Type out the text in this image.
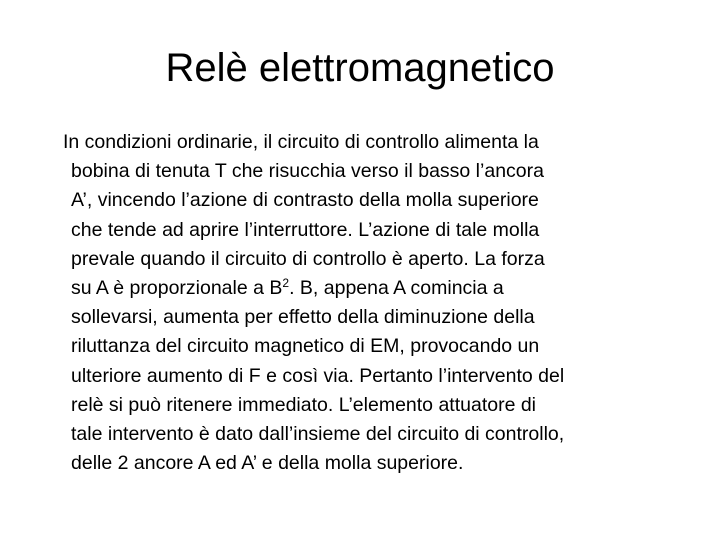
Relè elettromagnetico
In condizioni ordinarie, il circuito di controllo alimenta la
bobina di tenuta T che risucchia verso il basso l’ancora
A’, vincendo l’azione di contrasto della molla superiore
che tende ad aprire l’interruttore. L’azione di tale molla
prevale quando il circuito di controllo è aperto. La forza
su A è proporzionale a $B^2$. B, appena A comincia a
sollevarsi, aumenta per effetto della diminuzione della
riluttanza del circuito magnetico di EM, provocando un
ulteriore aumento di F e così via. Pertanto l’intervento del
relè si può ritenere immediato. L’elemento attuatore di
tale intervento è dato dall’insieme del circuito di controllo,
delle 2 ancore A ed A’ e della molla superiore.
